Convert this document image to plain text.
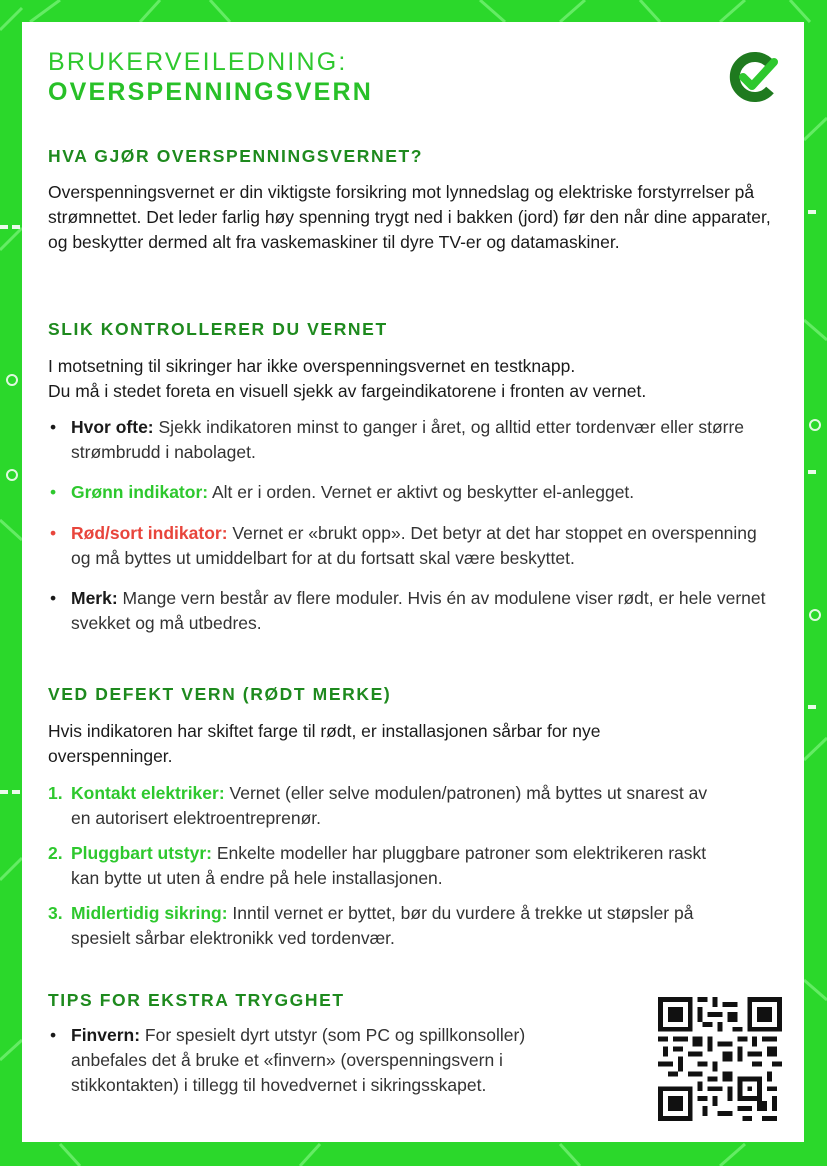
BRUKERVEILEDNING:
OVERSPENNINGSVERN
HVA GJØR OVERSPENNINGSVERNET?

Overspenningsvernet er din viktigste forsikring mot lynnedslag og elektriske forstyrrelser på strømnettet. Det leder farlig høy spenning trygt ned i bakken (jord) før den når dine apparater, og beskytter dermed alt fra vaskemaskiner til dyre TV-er og datamaskiner.

SLIK KONTROLLERER DU VERNET

I motsetning til sikringer har ikke overspenningsvernet en testknapp.

Du må i stedet foreta en visuell sjekk av fargeindikatorene i fronten av vernet.

• Hvor ofte: Sjekk indikatoren minst to ganger i året, og alltid etter tordenvær eller større strømbrudd i nabolaget.
• Grønn indikator: Alt er i orden. Vernet er aktivt og beskytter el-anlegget.
• Rød/sort indikator: Vernet er «brukt opp». Det betyr at det har stoppet en overspenning og må byttes ut umiddelbart for at du fortsatt skal være beskyttet.
• Merk: Mange vern består av flere moduler. Hvis én av modulene viser rødt, er hele vernet svekket og må utbedres.
VED DEFEKT VERN (RØDT MERKE)

Hvis indikatoren har skiftet farge til rødt, er installasjonen sårbar for nye overspenninger.

1. Kontakt elektriker: Vernet (eller selve modulen/patronen) må byttes ut snarest av en autorisert elektroentreprenør.
2. Pluggbart utstyr: Enkelte modeller har pluggbare patroner som elektrikeren raskt kan bytte ut uten å endre på hele installasjonen.
3. Midlertidig sikring: Inntil vernet er byttet, bør du vurdere å trekke ut støpsler på spesielt sårbar elektronikk ved tordenvær.
TIPS FOR EKSTRA TRYGGHET
• Finvern: For spesielt dyrt utstyr (som PC og spillkonsoller) anbefales det å bruke et «finvern» (overspenningsvern i stikkontakten) i tillegg til hovedvernet i sikringsskapet.
